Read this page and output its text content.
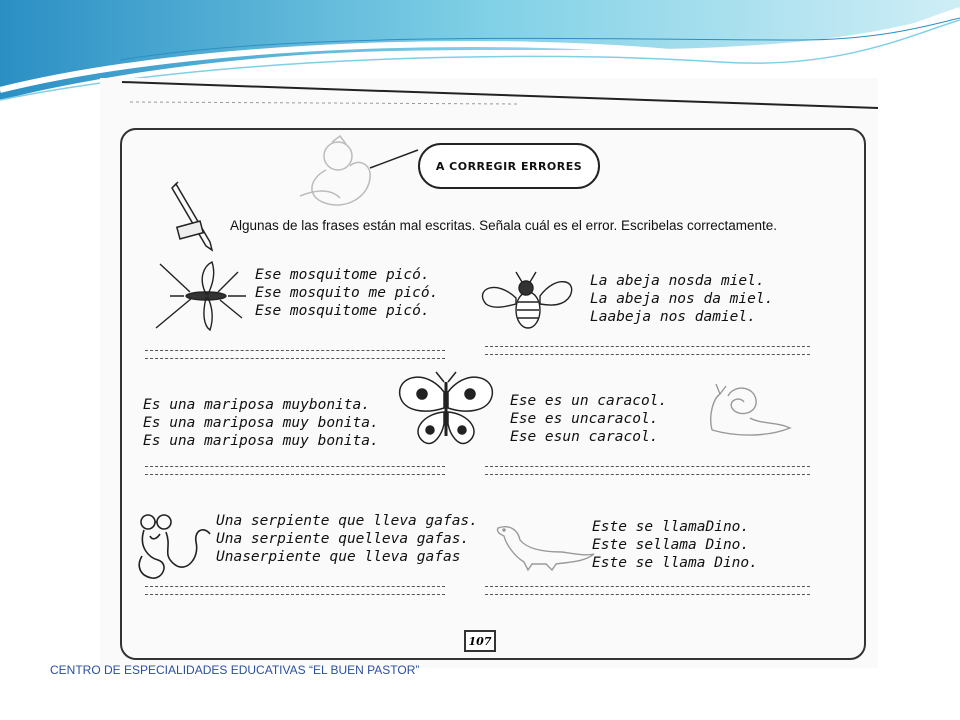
A CORREGIR ERRORES
Algunas de las frases están mal escritas. Señala cuál es el error. Escribelas correctamente.
Ese mosquitome picó.
Ese mosquito me picó.
Ese mosquitome picó.
La abeja nosda miel.
La abeja nos da miel.
Laabeja nos damiel.
Es una mariposa muybonita.
Es una mariposa muy bonita.
Es una mariposa muy bonita.
Ese es un caracol.
Ese es uncaracol.
Ese esun caracol.
Una serpiente que lleva gafas.
Una serpiente quelleva gafas.
Unaserpiente que lleva gafas
Este se llamaDino.
Este sellama Dino.
Este se llama Dino.
107
CENTRO DE ESPECIALIDADES EDUCATIVAS “EL BUEN PASTOR”
